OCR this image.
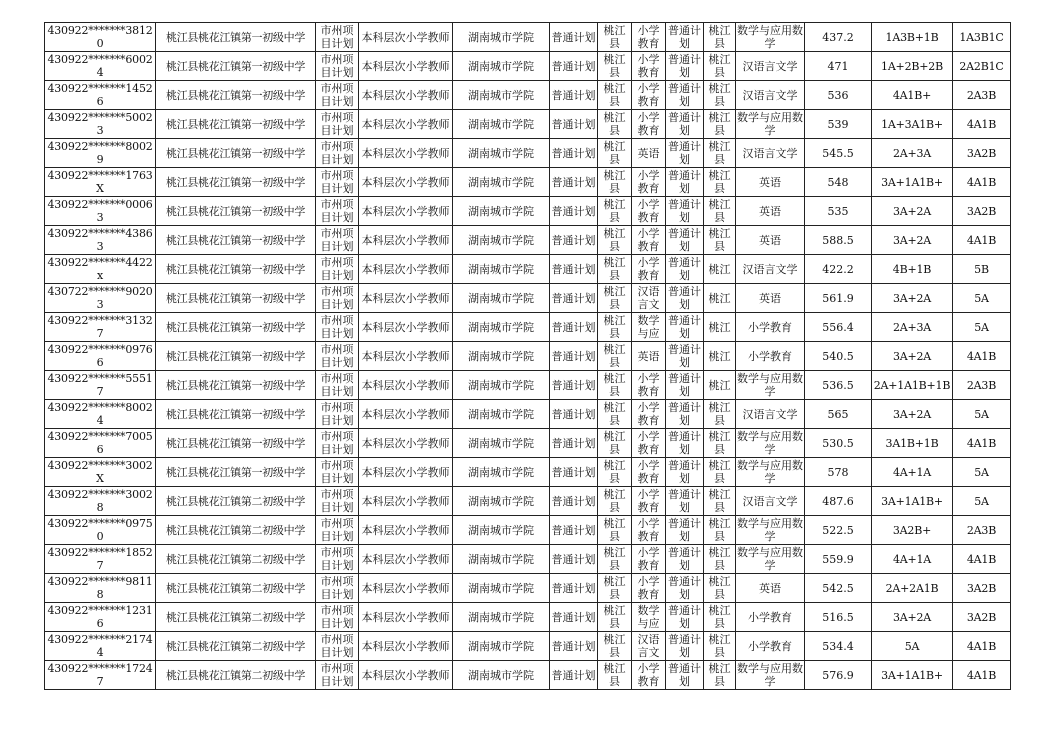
430922*******38120	桃江县桃花江镇第一初级中学	市州项目计划	本科层次小学教师	湖南城市学院	普通计划	桃江县	小学教育	普通计划	桃江县	数学与应用数学	437.2	1A3B+1B	1A3B1C
430922*******60024	桃江县桃花江镇第一初级中学	市州项目计划	本科层次小学教师	湖南城市学院	普通计划	桃江县	小学教育	普通计划	桃江县	汉语言文学	471	1A+2B+2B	2A2B1C
430922*******14526	桃江县桃花江镇第一初级中学	市州项目计划	本科层次小学教师	湖南城市学院	普通计划	桃江县	小学教育	普通计划	桃江县	汉语言文学	536	4A1B+	2A3B
430922*******50023	桃江县桃花江镇第一初级中学	市州项目计划	本科层次小学教师	湖南城市学院	普通计划	桃江县	小学教育	普通计划	桃江县	数学与应用数学	539	1A+3A1B+	4A1B
430922*******80029	桃江县桃花江镇第一初级中学	市州项目计划	本科层次小学教师	湖南城市学院	普通计划	桃江县	英语	普通计划	桃江县	汉语言文学	545.5	2A+3A	3A2B
430922*******1763X	桃江县桃花江镇第一初级中学	市州项目计划	本科层次小学教师	湖南城市学院	普通计划	桃江县	小学教育	普通计划	桃江县	英语	548	3A+1A1B+	4A1B
430922*******00063	桃江县桃花江镇第一初级中学	市州项目计划	本科层次小学教师	湖南城市学院	普通计划	桃江县	小学教育	普通计划	桃江县	英语	535	3A+2A	3A2B
430922*******43863	桃江县桃花江镇第一初级中学	市州项目计划	本科层次小学教师	湖南城市学院	普通计划	桃江县	小学教育	普通计划	桃江县	英语	588.5	3A+2A	4A1B
430922*******4422x	桃江县桃花江镇第一初级中学	市州项目计划	本科层次小学教师	湖南城市学院	普通计划	桃江县	小学教育	普通计划	桃江	汉语言文学	422.2	4B+1B	5B
430722*******90203	桃江县桃花江镇第一初级中学	市州项目计划	本科层次小学教师	湖南城市学院	普通计划	桃江县	汉语言文	普通计划	桃江	英语	561.9	3A+2A	5A
430922*******31327	桃江县桃花江镇第一初级中学	市州项目计划	本科层次小学教师	湖南城市学院	普通计划	桃江县	数学与应	普通计划	桃江	小学教育	556.4	2A+3A	5A
430922*******09766	桃江县桃花江镇第一初级中学	市州项目计划	本科层次小学教师	湖南城市学院	普通计划	桃江县	英语	普通计划	桃江	小学教育	540.5	3A+2A	4A1B
430922*******55517	桃江县桃花江镇第一初级中学	市州项目计划	本科层次小学教师	湖南城市学院	普通计划	桃江县	小学教育	普通计划	桃江	数学与应用数学	536.5	2A+1A1B+1B	2A3B
430922*******80024	桃江县桃花江镇第一初级中学	市州项目计划	本科层次小学教师	湖南城市学院	普通计划	桃江县	小学教育	普通计划	桃江县	汉语言文学	565	3A+2A	5A
430922*******70056	桃江县桃花江镇第一初级中学	市州项目计划	本科层次小学教师	湖南城市学院	普通计划	桃江县	小学教育	普通计划	桃江县	数学与应用数学	530.5	3A1B+1B	4A1B
430922*******3002X	桃江县桃花江镇第一初级中学	市州项目计划	本科层次小学教师	湖南城市学院	普通计划	桃江县	小学教育	普通计划	桃江县	数学与应用数学	578	4A+1A	5A
430922*******30028	桃江县桃花江镇第二初级中学	市州项目计划	本科层次小学教师	湖南城市学院	普通计划	桃江县	小学教育	普通计划	桃江县	汉语言文学	487.6	3A+1A1B+	5A
430922*******09750	桃江县桃花江镇第二初级中学	市州项目计划	本科层次小学教师	湖南城市学院	普通计划	桃江县	小学教育	普通计划	桃江县	数学与应用数学	522.5	3A2B+	2A3B
430922*******18527	桃江县桃花江镇第二初级中学	市州项目计划	本科层次小学教师	湖南城市学院	普通计划	桃江县	小学教育	普通计划	桃江县	数学与应用数学	559.9	4A+1A	4A1B
430922*******98118	桃江县桃花江镇第二初级中学	市州项目计划	本科层次小学教师	湖南城市学院	普通计划	桃江县	小学教育	普通计划	桃江县	英语	542.5	2A+2A1B	3A2B
430922*******12316	桃江县桃花江镇第二初级中学	市州项目计划	本科层次小学教师	湖南城市学院	普通计划	桃江县	数学与应	普通计划	桃江县	小学教育	516.5	3A+2A	3A2B
430922*******21744	桃江县桃花江镇第二初级中学	市州项目计划	本科层次小学教师	湖南城市学院	普通计划	桃江县	汉语言文	普通计划	桃江县	小学教育	534.4	5A	4A1B
430922*******17247	桃江县桃花江镇第二初级中学	市州项目计划	本科层次小学教师	湖南城市学院	普通计划	桃江县	小学教育	普通计划	桃江县	数学与应用数学	576.9	3A+1A1B+	4A1B
